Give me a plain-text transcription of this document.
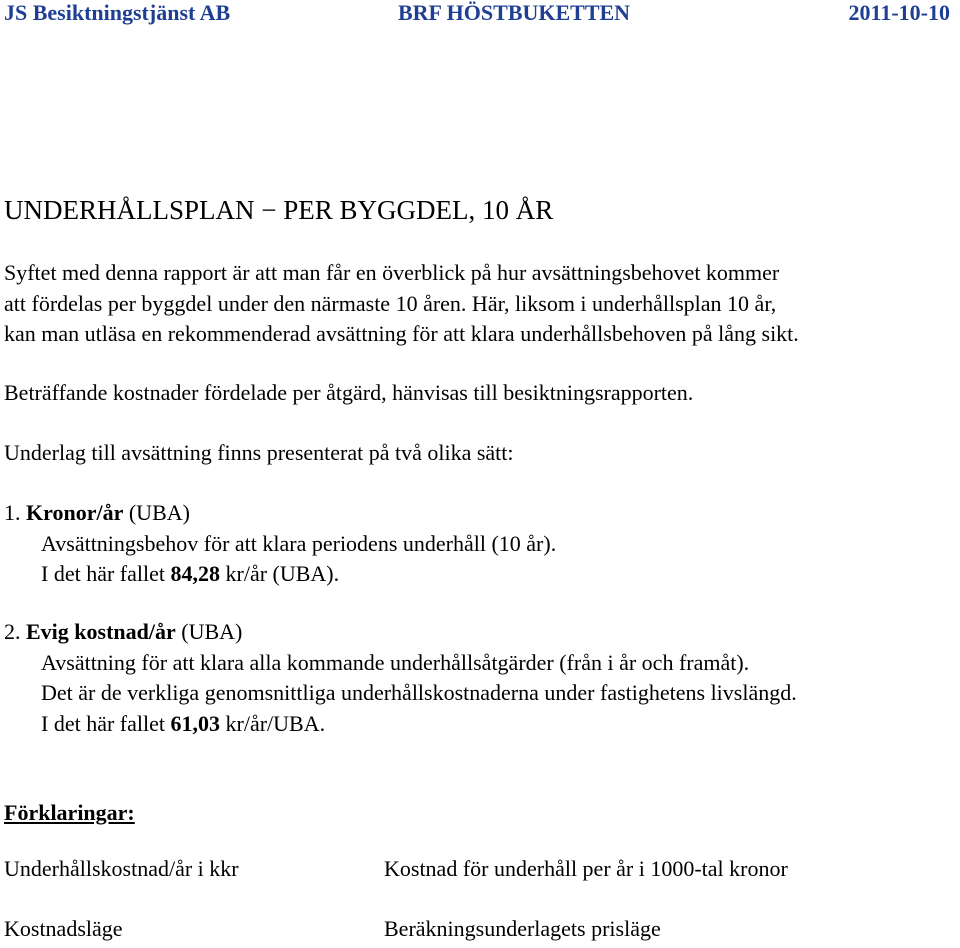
JS Besiktningstjänst AB	BRF HÖSTBUKETTEN	2011-10-10
UNDERHÅLLSPLAN − PER BYGGDEL, 10 ÅR
Syftet med denna rapport är att man får en överblick på hur avsättningsbehovet kommer
att fördelas per byggdel under den närmaste 10 åren. Här, liksom i underhållsplan 10 år,
kan man utläsa en rekommenderad avsättning för att klara underhållsbehoven på lång sikt.
Beträffande kostnader fördelade per åtgärd, hänvisas till besiktningsrapporten.
Underlag till avsättning finns presenterat på två olika sätt:
1. Kronor/år (UBA)
Avsättningsbehov för att klara periodens underhåll (10 år).
I det här fallet 84,28 kr/år (UBA).
2. Evig kostnad/år (UBA)
Avsättning för att klara alla kommande underhållsåtgärder (från i år och framåt).
Det är de verkliga genomsnittliga underhållskostnaderna under fastighetens livslängd.
I det här fallet 61,03 kr/år/UBA.
Förklaringar:
Underhållskostnad/år i kkr	Kostnad för underhåll per år i 1000-tal kronor
Kostnadsläge	Beräkningsunderlagets prisläge
